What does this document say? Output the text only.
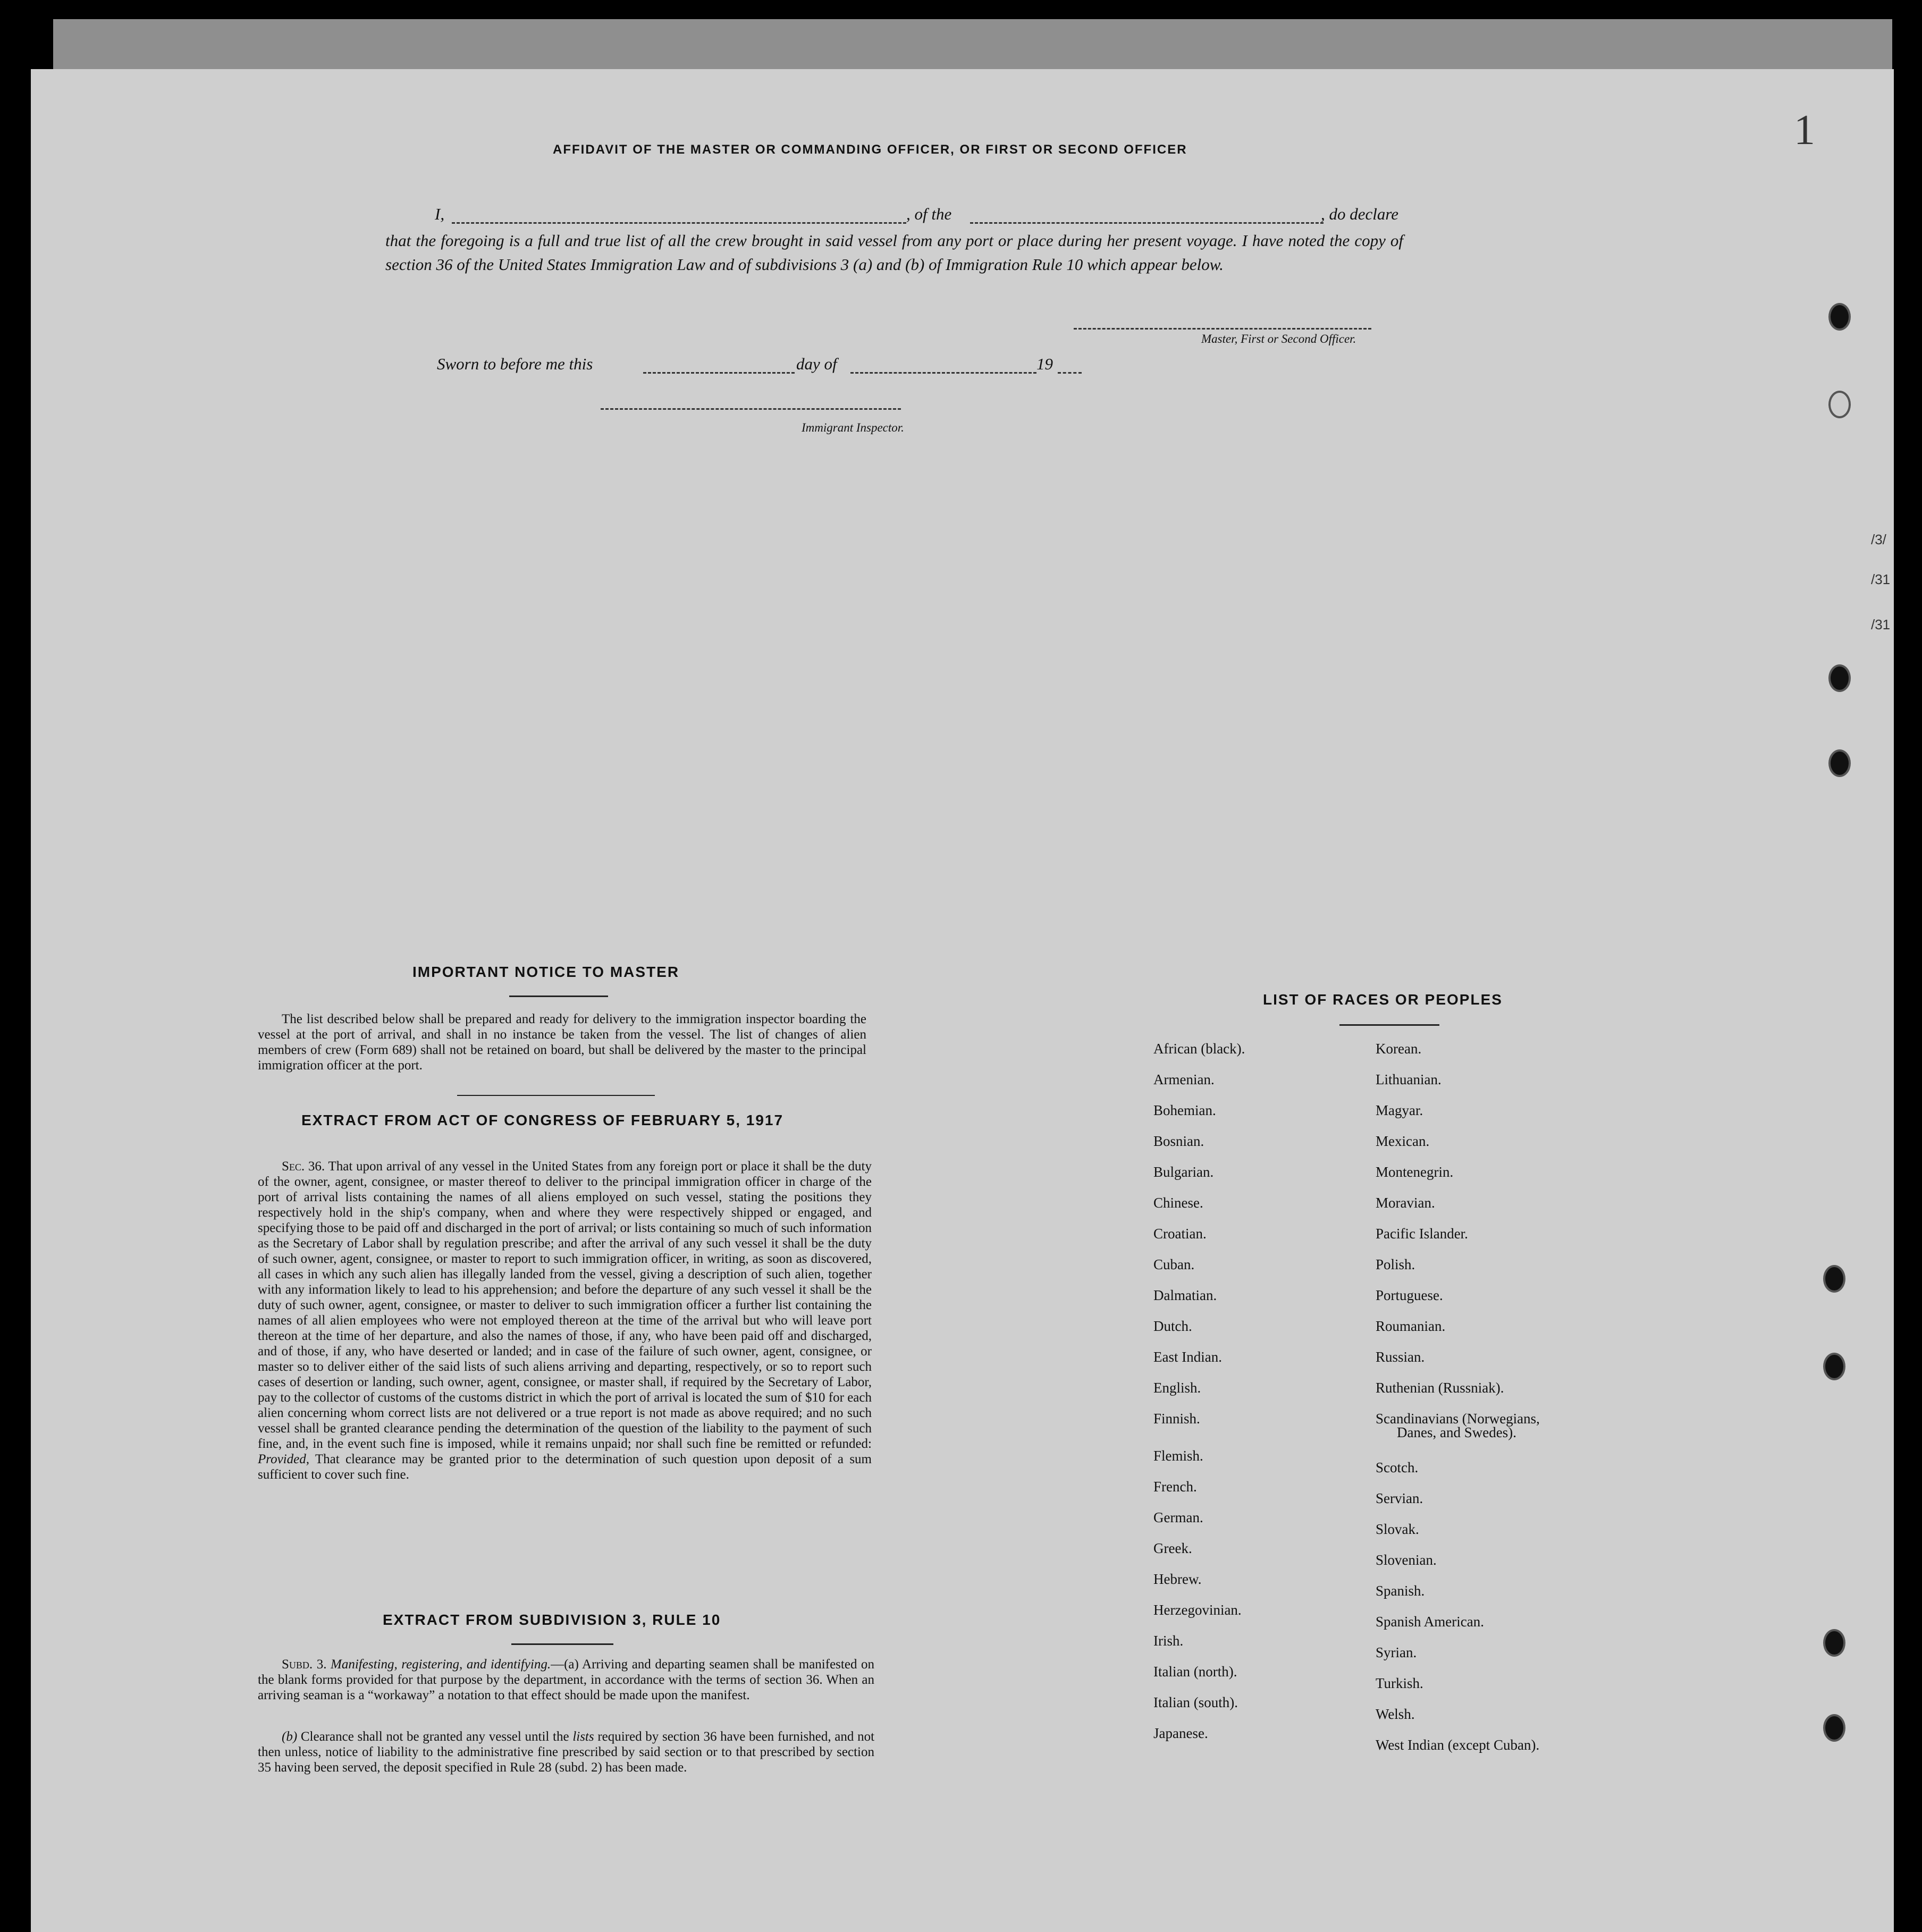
1
/3/
/31
/31
AFFIDAVIT OF THE MASTER OR COMMANDING OFFICER, OR FIRST OR SECOND OFFICER
I,	, of the	, do declare
that the foregoing is a full and true list of all the crew brought in said vessel from any port or place during her present voyage. I have noted the copy of section 36 of the United States Immigration Law and of subdivisions 3 (a) and (b) of Immigration Rule 10 which appear below.
Master, First or Second Officer.
Sworn to before me this	day of	19
Immigrant Inspector.
IMPORTANT NOTICE TO MASTER
The list described below shall be prepared and ready for delivery to the immigration inspector boarding the vessel at the port of arrival, and shall in no instance be taken from the vessel. The list of changes of alien members of crew (Form 689) shall not be retained on board, but shall be delivered by the master to the principal immigration officer at the port.
EXTRACT FROM ACT OF CONGRESS OF FEBRUARY 5, 1917
Sec. 36. That upon arrival of any vessel in the United States from any foreign port or place it shall be the duty of the owner, agent, consignee, or master thereof to deliver to the principal immigration officer in charge of the port of arrival lists containing the names of all aliens employed on such vessel, stating the positions they respectively hold in the ship's company, when and where they were respectively shipped or engaged, and specifying those to be paid off and discharged in the port of arrival; or lists containing so much of such information as the Secretary of Labor shall by regulation prescribe; and after the arrival of any such vessel it shall be the duty of such owner, agent, consignee, or master to report to such immigration officer, in writing, as soon as discovered, all cases in which any such alien has illegally landed from the vessel, giving a description of such alien, together with any information likely to lead to his apprehension; and before the departure of any such vessel it shall be the duty of such owner, agent, consignee, or master to deliver to such immigration officer a further list containing the names of all alien employees who were not employed thereon at the time of the arrival but who will leave port thereon at the time of her departure, and also the names of those, if any, who have been paid off and discharged, and of those, if any, who have deserted or landed; and in case of the failure of such owner, agent, consignee, or master so to deliver either of the said lists of such aliens arriving and departing, respectively, or so to report such cases of desertion or landing, such owner, agent, consignee, or master shall, if required by the Secretary of Labor, pay to the collector of customs of the customs district in which the port of arrival is located the sum of $10 for each alien concerning whom correct lists are not delivered or a true report is not made as above required; and no such vessel shall be granted clearance pending the determination of the question of the liability to the payment of such fine, and, in the event such fine is imposed, while it remains unpaid; nor shall such fine be remitted or refunded: Provided, That clearance may be granted prior to the determination of such question upon deposit of a sum sufficient to cover such fine.
EXTRACT FROM SUBDIVISION 3, RULE 10
Subd. 3. Manifesting, registering, and identifying.—(a) Arriving and departing seamen shall be manifested on the blank forms provided for that purpose by the department, in accordance with the terms of section 36. When an arriving seaman is a “workaway” a notation to that effect should be made upon the manifest.
(b) Clearance shall not be granted any vessel until the lists required by section 36 have been furnished, and not then unless, notice of liability to the administrative fine prescribed by said section or to that prescribed by section 35 having been served, the deposit specified in Rule 28 (subd. 2) has been made.
LIST OF RACES OR PEOPLES
African (black).
Armenian.
Bohemian.
Bosnian.
Bulgarian.
Chinese.
Croatian.
Cuban.
Dalmatian.
Dutch.
East Indian.
English.
Finnish.
Flemish.
French.
German.
Greek.
Hebrew.
Herzegovinian.
Irish.
Italian (north).
Italian (south).
Japanese.
Korean.
Lithuanian.
Magyar.
Mexican.
Montenegrin.
Moravian.
Pacific Islander.
Polish.
Portuguese.
Roumanian.
Russian.
Ruthenian (Russniak).
Scandinavians (Norwegians,
Danes, and Swedes).
Scotch.
Servian.
Slovak.
Slovenian.
Spanish.
Spanish American.
Syrian.
Turkish.
Welsh.
West Indian (except Cuban).
